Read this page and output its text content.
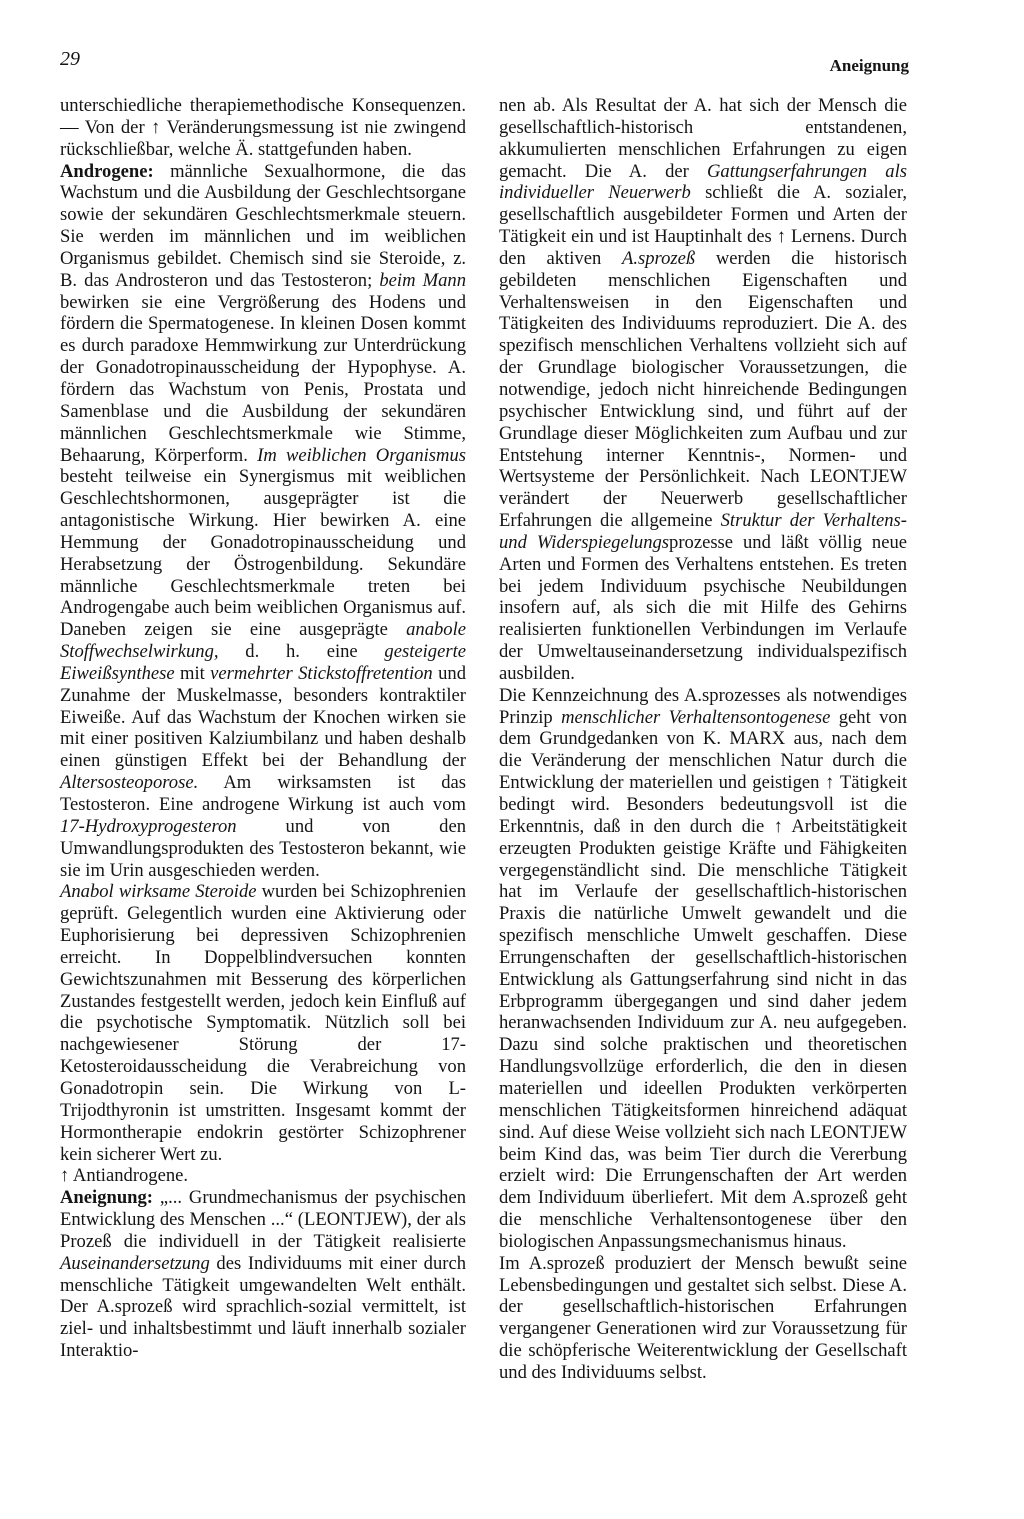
29	Aneignung

unterschiedliche therapiemethodische Konsequenzen. — Von der ↑ Veränderungsmessung ist nie zwingend rückschließbar, welche Ä. stattgefunden haben.

Androgene: männliche Sexualhormone, die das Wachstum und die Ausbildung der Geschlechtsorgane sowie der sekundären Geschlechtsmerkmale steuern. Sie werden im männlichen und im weiblichen Organismus gebildet. Chemisch sind sie Steroide, z. B. das Androsteron und das Testosteron; beim Mann bewirken sie eine Vergrößerung des Hodens und fördern die Spermatogenese. In kleinen Dosen kommt es durch paradoxe Hemmwirkung zur Unterdrückung der Gonadotropinausscheidung der Hypophyse. A. fördern das Wachstum von Penis, Prostata und Samenblase und die Ausbildung der sekundären männlichen Geschlechtsmerkmale wie Stimme, Behaarung, Körperform. Im weiblichen Organismus besteht teilweise ein Synergismus mit weiblichen Geschlechtshormonen, ausgeprägter ist die antagonistische Wirkung. Hier bewirken A. eine Hemmung der Gonadotropinausscheidung und Herabsetzung der Östrogenbildung. Sekundäre männliche Geschlechtsmerkmale treten bei Androgengabe auch beim weiblichen Organismus auf. Daneben zeigen sie eine ausgeprägte anabole Stoffwechselwirkung, d. h. eine gesteigerte Eiweißsynthese mit vermehrter Stickstoffretention und Zunahme der Muskelmasse, besonders kontraktiler Eiweiße. Auf das Wachstum der Knochen wirken sie mit einer positiven Kalziumbilanz und haben deshalb einen günstigen Effekt bei der Behandlung der Altersosteoporose. Am wirksamsten ist das Testosteron. Eine androgene Wirkung ist auch vom 17-Hydroxyprogesteron und von den Umwandlungsprodukten des Testosteron bekannt, wie sie im Urin ausgeschieden werden.

Anabol wirksame Steroide wurden bei Schizophrenien geprüft. Gelegentlich wurden eine Aktivierung oder Euphorisierung bei depressiven Schizophrenien erreicht. In Doppelblindversuchen konnten Gewichtszunahmen mit Besserung des körperlichen Zustandes festgestellt werden, jedoch kein Einfluß auf die psychotische Symptomatik. Nützlich soll bei nachgewiesener Störung der 17-Ketosteroidausscheidung die Verabreichung von Gonadotropin sein. Die Wirkung von L-Trijodthyronin ist umstritten. Insgesamt kommt der Hormontherapie endokrin gestörter Schizophrener kein sicherer Wert zu.

↑ Antiandrogene.

Aneignung: „... Grundmechanismus der psychischen Entwicklung des Menschen ...“ (LEONTJEW), der als Prozeß die individuell in der Tätigkeit realisierte Auseinandersetzung des Individuums mit einer durch menschliche Tätigkeit umgewandelten Welt enthält. Der A.sprozeß wird sprachlich-sozial vermittelt, ist ziel- und inhaltsbestimmt und läuft innerhalb sozialer Interaktio-

nen ab. Als Resultat der A. hat sich der Mensch die gesellschaftlich-historisch entstandenen, akkumulierten menschlichen Erfahrungen zu eigen gemacht. Die A. der Gattungserfahrungen als individueller Neuerwerb schließt die A. sozialer, gesellschaftlich ausgebildeter Formen und Arten der Tätigkeit ein und ist Hauptinhalt des ↑ Lernens. Durch den aktiven A.sprozeß werden die historisch gebildeten menschlichen Eigenschaften und Verhaltensweisen in den Eigenschaften und Tätigkeiten des Individuums reproduziert. Die A. des spezifisch menschlichen Verhaltens vollzieht sich auf der Grundlage biologischer Voraussetzungen, die notwendige, jedoch nicht hinreichende Bedingungen psychischer Entwicklung sind, und führt auf der Grundlage dieser Möglichkeiten zum Aufbau und zur Entstehung interner Kenntnis-, Normen- und Wertsysteme der Persönlichkeit. Nach LEONTJEW verändert der Neuerwerb gesellschaftlicher Erfahrungen die allgemeine Struktur der Verhaltens- und Widerspiegelungsprozesse und läßt völlig neue Arten und Formen des Verhaltens entstehen. Es treten bei jedem Individuum psychische Neubildungen insofern auf, als sich die mit Hilfe des Gehirns realisierten funktionellen Verbindungen im Verlaufe der Umweltauseinandersetzung individualspezifisch ausbilden.

Die Kennzeichnung des A.sprozesses als notwendiges Prinzip menschlicher Verhaltensontogenese geht von dem Grundgedanken von K. MARX aus, nach dem die Veränderung der menschlichen Natur durch die Entwicklung der materiellen und geistigen ↑ Tätigkeit bedingt wird. Besonders bedeutungsvoll ist die Erkenntnis, daß in den durch die ↑ Arbeitstätigkeit erzeugten Produkten geistige Kräfte und Fähigkeiten vergegenständlicht sind. Die menschliche Tätigkeit hat im Verlaufe der gesellschaftlich-historischen Praxis die natürliche Umwelt gewandelt und die spezifisch menschliche Umwelt geschaffen. Diese Errungenschaften der gesellschaftlich-historischen Entwicklung als Gattungserfahrung sind nicht in das Erbprogramm übergegangen und sind daher jedem heranwachsenden Individuum zur A. neu aufgegeben. Dazu sind solche praktischen und theoretischen Handlungsvollzüge erforderlich, die den in diesen materiellen und ideellen Produkten verkörperten menschlichen Tätigkeitsformen hinreichend adäquat sind. Auf diese Weise vollzieht sich nach LEONTJEW beim Kind das, was beim Tier durch die Vererbung erzielt wird: Die Errungenschaften der Art werden dem Individuum überliefert. Mit dem A.sprozeß geht die menschliche Verhaltensontogenese über den biologischen Anpassungsmechanismus hinaus.

Im A.sprozeß produziert der Mensch bewußt seine Lebensbedingungen und gestaltet sich selbst. Diese A. der gesellschaftlich-historischen Erfahrungen vergangener Generationen wird zur Voraussetzung für die schöpferische Weiterentwicklung der Gesellschaft und des Individuums selbst.
